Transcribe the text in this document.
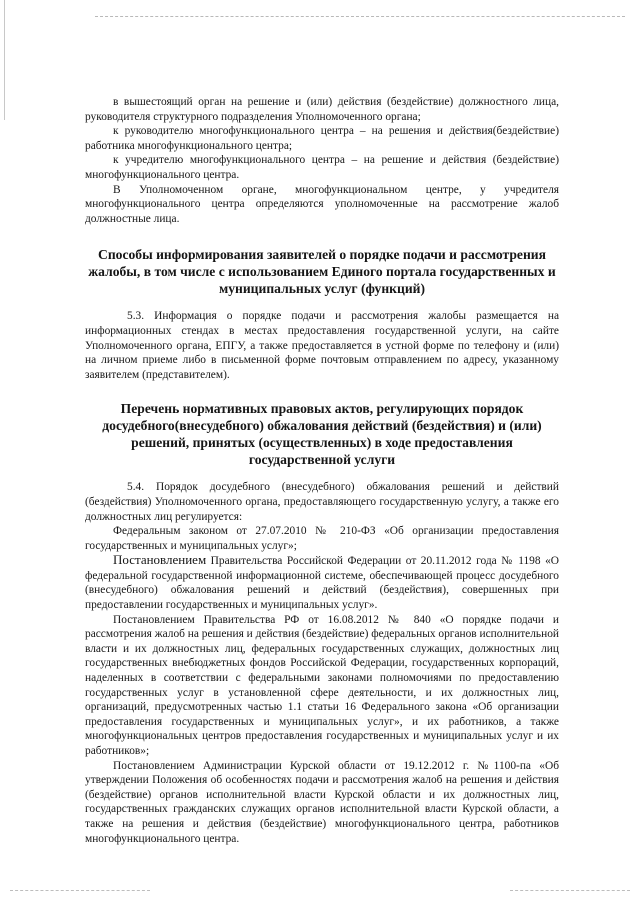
в вышестоящий орган на решение и (или) действия (бездействие) должностного лица, руководителя структурного подразделения Уполномоченного органа;

к руководителю многофункционального центра – на решения и действия(бездействие) работника многофункционального центра;

к учредителю многофункционального центра – на решение и действия (бездействие) многофункционального центра.

В Уполномоченном органе, многофункциональном центре, у учредителя многофункционального центра определяются уполномоченные на рассмотрение жалоб должностные лица.

Способы информирования заявителей о порядке подачи и рассмотрения жалобы, в том числе с использованием Единого портала государственных и муниципальных услуг (функций)

5.3. Информация о порядке подачи и рассмотрения жалобы размещается на информационных стендах в местах предоставления государственной услуги, на сайте Уполномоченного органа, ЕПГУ, а также предоставляется в устной форме по телефону и (или) на личном приеме либо в письменной форме почтовым отправлением по адресу, указанному заявителем (представителем).

Перечень нормативных правовых актов, регулирующих порядок досудебного(внесудебного) обжалования действий (бездействия) и (или) решений, принятых (осуществленных) в ходе предоставления государственной услуги

5.4. Порядок досудебного (внесудебного) обжалования решений и действий (бездействия) Уполномоченного органа, предоставляющего государственную услугу, а также его должностных лиц регулируется:

Федеральным законом от 27.07.2010 № 210-ФЗ «Об организации предоставления государственных и муниципальных услуг»;

Постановлением Правительства Российской Федерации от 20.11.2012 года № 1198 «О федеральной государственной информационной системе, обеспечивающей процесс досудебного (внесудебного) обжалования решений и действий (бездействия), совершенных при предоставлении государственных и муниципальных услуг».

Постановлением Правительства РФ от 16.08.2012 № 840 «О порядке подачи и рассмотрения жалоб на решения и действия (бездействие) федеральных органов исполнительной власти и их должностных лиц, федеральных государственных служащих, должностных лиц государственных внебюджетных фондов Российской Федерации, государственных корпораций, наделенных в соответствии с федеральными законами полномочиями по предоставлению государственных услуг в установленной сфере деятельности, и их должностных лиц, организаций, предусмотренных частью 1.1 статьи 16 Федерального закона «Об организации предоставления государственных и муниципальных услуг», и их работников, а также многофункциональных центров предоставления государственных и муниципальных услуг и их работников»;

Постановлением Администрации Курской области от 19.12.2012 г. №1100-па «Об утверждении Положения об особенностях подачи и рассмотрения жалоб на решения и действия (бездействие) органов исполнительной власти Курской области и их должностных лиц, государственных гражданских служащих органов исполнительной власти Курской области, а также на решения и действия (бездействие) многофункционального центра, работников многофункционального центра.
